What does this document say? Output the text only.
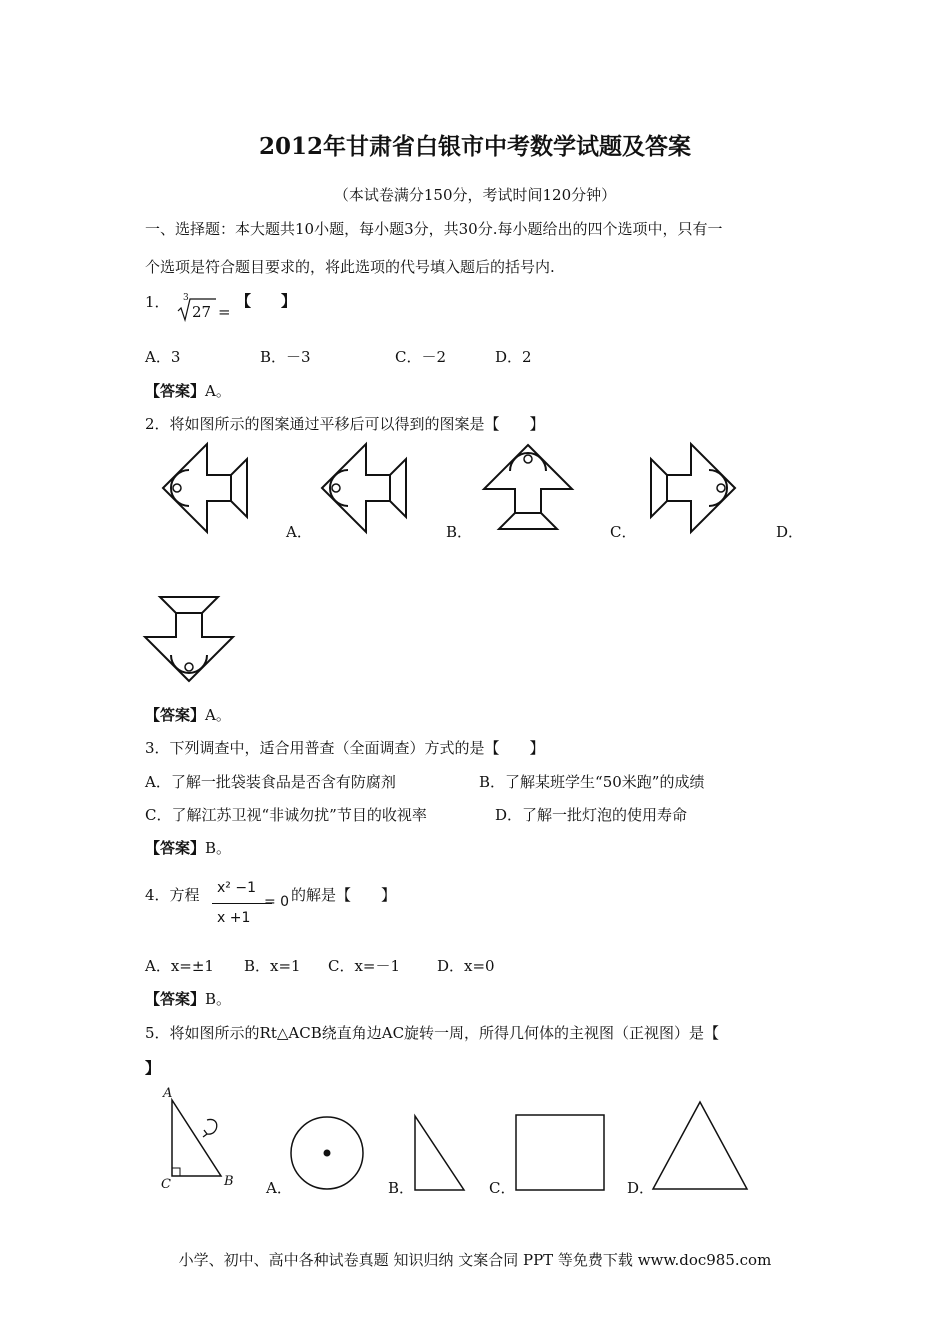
2012年甘肃省白银市中考数学试题及答案
（本试卷满分150分，考试时间120分钟）
一、选择题：本大题共10小题，每小题3分，共30分.每小题给出的四个选项中，只有一
个选项是符合题目要求的，将此选项的代号填入题后的括号内.
1． 3
27 =
【　　】
A．3	B．－3	C．－2	D．2
【答案】A。
2．将如图所示的图案通过平移后可以得到的图案是【　　】
A．	B．	C．	D．
【答案】A。
3．下列调查中，适合用普查（全面调查）方式的是【　　】
A．了解一批袋装食品是否含有防腐剂	B．了解某班学生“50米跑”的成绩
C．了解江苏卫视“非诚勿扰”节目的收视率	D．了解一批灯泡的使用寿命
【答案】B。
4．方程 x² −1
x +1
= 0 的解是【　　】
A．x=±1 B．x=1 C．x=－1 D．x=0
【答案】B。
5．将如图所示的Rt△ACB绕直角边AC旋转一周，所得几何体的主视图（正视图）是【
】
A
C	B A．	B．	C．	D．
小学、初中、高中各种试卷真题 知识归纳 文案合同 PPT 等免费下载 www.doc985.com
